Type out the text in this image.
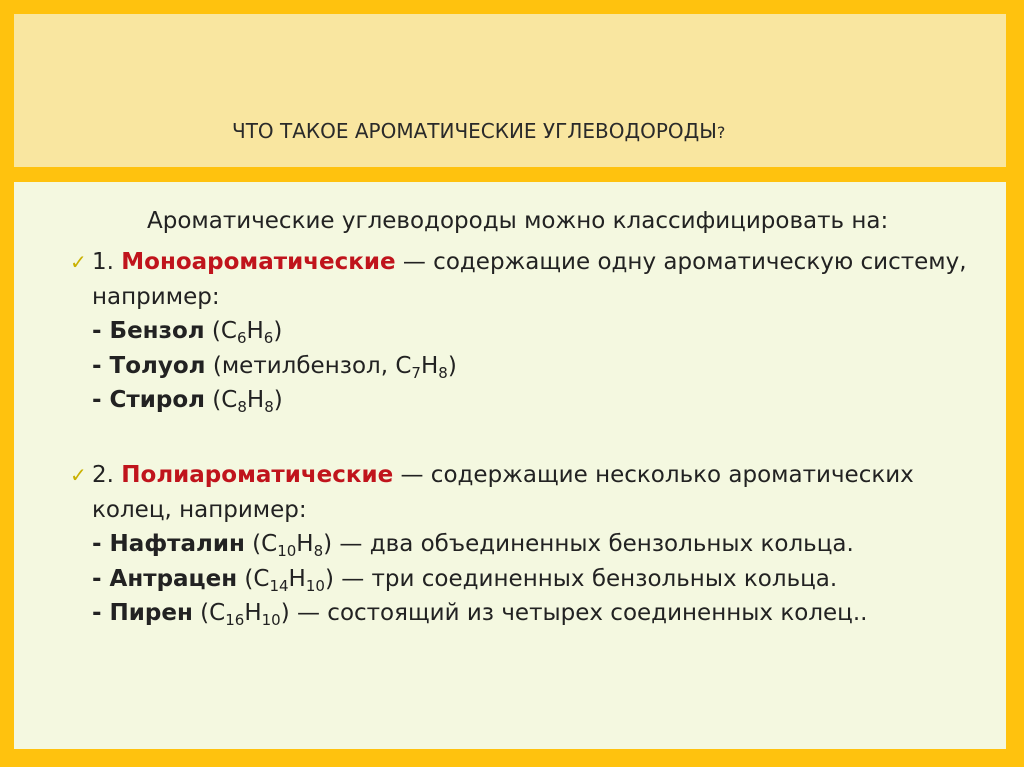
ЧТО ТАКОЕ АРОМАТИЧЕСКИЕ УГЛЕВОДОРОДЫ?
Ароматические углеводороды можно классифицировать на:
✓ 1. Моноароматические — содержащие одну ароматическую систему,
например:
- Бензол $(C_6H_6)$
- Толуол (метилбензол, $C_7H_8$)
- Стирол $(C_8H_8)$
✓ 2. Полиароматические — содержащие несколько ароматических
колец, например:
- Нафталин $(C_{10}H_8)$ — два объединенных бензольных кольца.
- Антрацен $(C_{14}H_{10})$ — три соединенных бензольных кольца.
- Пирен $(C_{16}H_{10})$ — состоящий из четырех соединенных колец..
